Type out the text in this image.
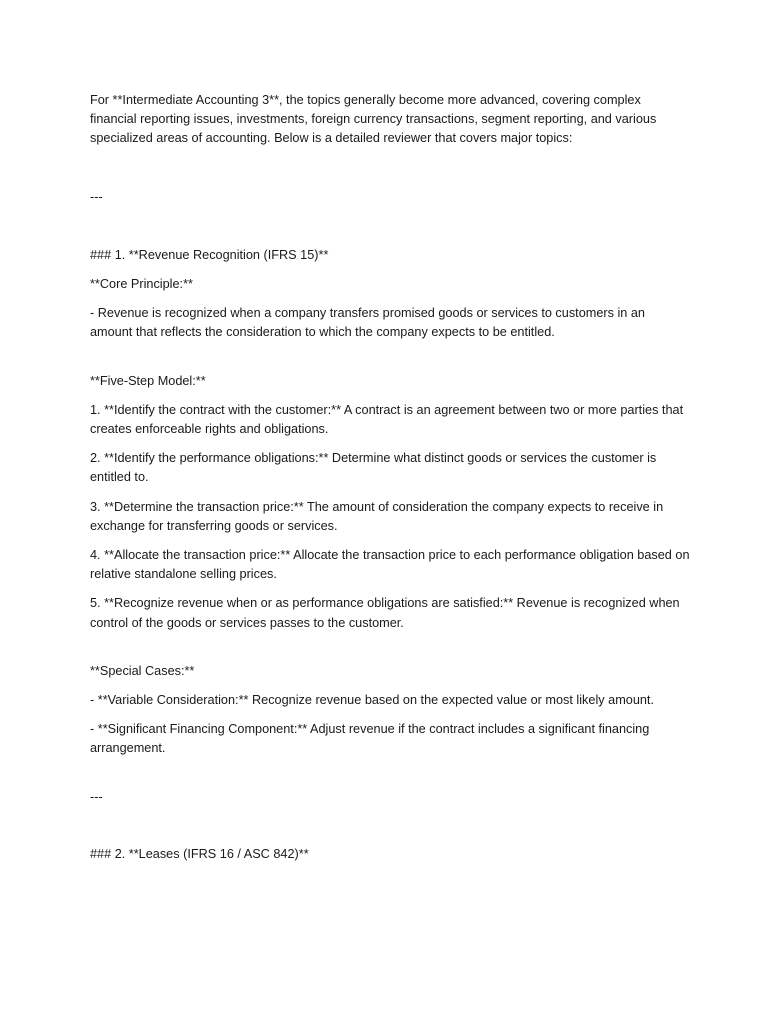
For **Intermediate Accounting 3**, the topics generally become more advanced, covering complex financial reporting issues, investments, foreign currency transactions, segment reporting, and various specialized areas of accounting. Below is a detailed reviewer that covers major topics:

---

### 1. **Revenue Recognition (IFRS 15)**

**Core Principle:**

- Revenue is recognized when a company transfers promised goods or services to customers in an amount that reflects the consideration to which the company expects to be entitled.

**Five-Step Model:**

1. **Identify the contract with the customer:** A contract is an agreement between two or more parties that creates enforceable rights and obligations.

2. **Identify the performance obligations:** Determine what distinct goods or services the customer is entitled to.

3. **Determine the transaction price:** The amount of consideration the company expects to receive in exchange for transferring goods or services.

4. **Allocate the transaction price:** Allocate the transaction price to each performance obligation based on relative standalone selling prices.

5. **Recognize revenue when or as performance obligations are satisfied:** Revenue is recognized when control of the goods or services passes to the customer.

**Special Cases:**

- **Variable Consideration:** Recognize revenue based on the expected value or most likely amount.

- **Significant Financing Component:** Adjust revenue if the contract includes a significant financing arrangement.

---

### 2. **Leases (IFRS 16 / ASC 842)**
